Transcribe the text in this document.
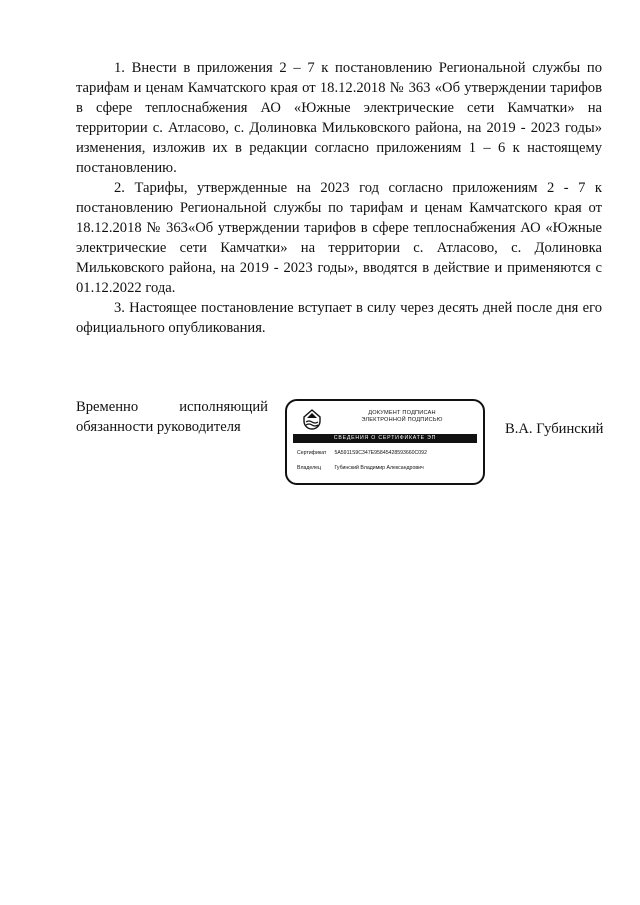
1. Внести в приложения 2 – 7 к постановлению Региональной службы по тарифам и ценам Камчатского края от 18.12.2018 № 363 «Об утверждении тарифов в сфере теплоснабжения АО «Южные электрические сети Камчатки» на территории с. Атласово, с. Долиновка Мильковского района, на 2019 - 2023 годы» изменения, изложив их в редакции согласно приложениям 1 – 6 к настоящему постановлению.

2. Тарифы, утвержденные на 2023 год согласно приложениям 2 - 7 к постановлению Региональной службы по тарифам и ценам Камчатского края от 18.12.2018 № 363«Об утверждении тарифов в сфере теплоснабжения АО «Южные электрические сети Камчатки» на территории с. Атласово, с. Долиновка Мильковского района, на 2019 - 2023 годы», вводятся в действие и применяются с 01.12.2022 года.

3. Настоящее постановление вступает в силу через десять дней после дня его официального опубликования.

Временно	исполняющий
обязанности руководителя
ДОКУМЕНТ ПОДПИСАН
ЭЛЕКТРОННОЙ ПОДПИСЬЮ
СВЕДЕНИЯ О СЕРТИФИКАТЕ ЭП
Сертификат 5A5911S9C347E95845428593660C092
Владелец	Губинский Владимир Александрович
В.А. Губинский
